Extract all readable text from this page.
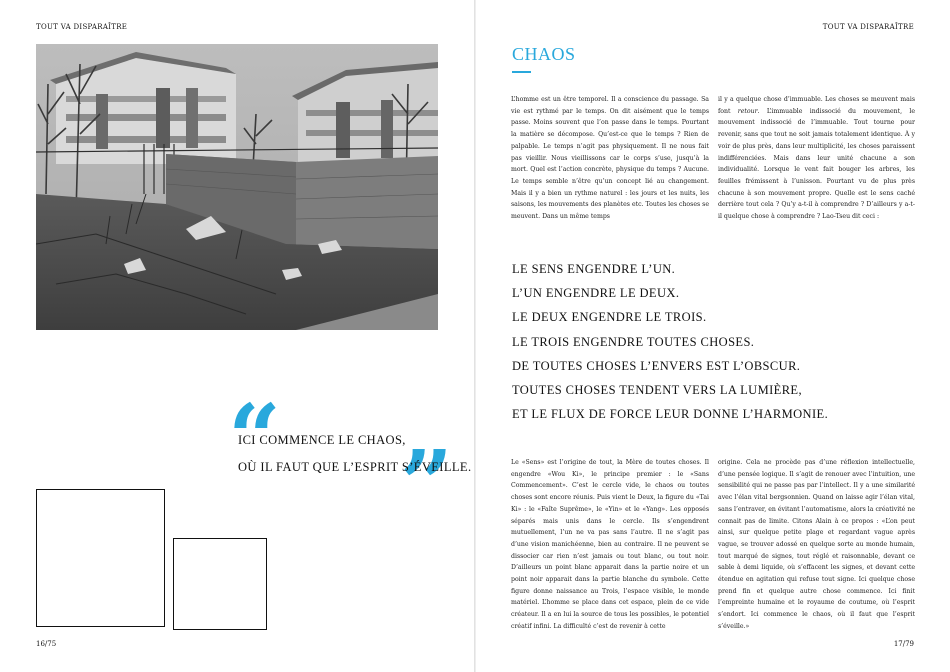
TOUT VA DISPARAÎTRE
“ ”
ICI COMMENCE LE CHAOS,
OÙ IL FAUT QUE L’ESPRIT S’ÉVEILLE.
16/75
TOUT VA DISPARAÎTRE
CHAOS

L’homme est un être temporel. Il a conscience du passage. Sa vie est rythmé par le temps. On dit aisément que le temps passe. Moins souvent que l’on passe dans le temps. Pourtant la matière se décompose. Qu’est-ce que le temps ? Rien de palpable. Le temps n’agit pas physiquement. Il ne nous fait pas vieillir. Nous vieillissons car le corps s’use, jusqu’à la mort. Quel est l’action concrète, physique du temps ? Aucune. Le temps semble n’être qu’un concept lié au changement. Mais il y a bien un rythme naturel : les jours et les nuits, les saisons, les mouvements des planètes etc. Toutes les choses se meuvent. Dans un même temps

il y a quelque chose d’immuable. Les choses se meuvent mais font retour. L’immuable indissocié du mouvement, le mouvement indissocié de l’immuable. Tout tourne pour revenir, sans que tout ne soit jamais totalement identique. À y voir de plus près, dans leur multiplicité, les choses paraissent indifférenciées. Mais dans leur unité chacune a son individualité. Lorsque le vent fait bouger les arbres, les feuilles frémissent à l’unisson. Pourtant vu de plus près chacune à son mouvement propre. Quelle est le sens caché derrière tout cela ? Qu’y a-t-il à comprendre ? D’ailleurs y a-t-il quelque chose à comprendre ? Lao-Tseu dit ceci :

LE SENS ENGENDRE L’UN.
L’UN ENGENDRE LE DEUX.
LE DEUX ENGENDRE LE TROIS.
LE TROIS ENGENDRE TOUTES CHOSES.
DE TOUTES CHOSES L’ENVERS EST L’OBSCUR.
TOUTES CHOSES TENDENT VERS LA LUMIÈRE,
ET LE FLUX DE FORCE LEUR DONNE L’HARMONIE.

Le «Sens» est l’origine de tout, la Mère de toutes choses. Il engendre «Wou Ki», le principe premier : le «Sans Commencement». C’est le cercle vide, le chaos ou toutes choses sont encore réunis. Puis vient le Deux, la figure du «Tai Ki» : le «Faîte Suprême», le «Yin» et le «Yang». Les opposés séparés mais unis dans le cercle. Ils s’engendrent mutuellement, l’un ne va pas sans l’autre. Il ne s’agit pas d’une vision manichéenne, bien au contraire. Il ne peuvent se dissocier car rien n’est jamais ou tout blanc, ou tout noir. D’ailleurs un point blanc apparait dans la partie noire et un point noir apparait dans la partie blanche du symbole. Cette figure donne naissance au Trois, l’espace visible, le monde matériel. L’homme se place dans cet espace, plein de ce vide créateur. Il a en lui la source de tous les possibles, le potentiel créatif infini. La difficulté c’est de revenir à cette

origine. Cela ne procède pas d’une réflexion intellectuelle, d’une pensée logique. Il s’agit de renouer avec l’intuition, une sensibilité qui ne passe pas par l’intellect. Il y a une similarité avec l’élan vital bergsonnien. Quand on laisse agir l’élan vital, sans l’entraver, en évitant l’automatisme, alors la créativité ne connait pas de limite. Citons Alain à ce propos : «L’on peut ainsi, sur quelque petite plage et regardant vague après vague, se trouver adossé en quelque sorte au monde humain, tout marqué de signes, tout réglé et raisonnable, devant ce sable à demi liquide, où s’effacent les signes, et devant cette étendue en agitation qui refuse tout signe. Ici quelque chose prend fin et quelque autre chose commence. Ici finit l’empreinte humaine et le royaume de coutume, où l’esprit s’endort. Ici commence le chaos, où il faut que l’esprit s’éveille.»

17/79
